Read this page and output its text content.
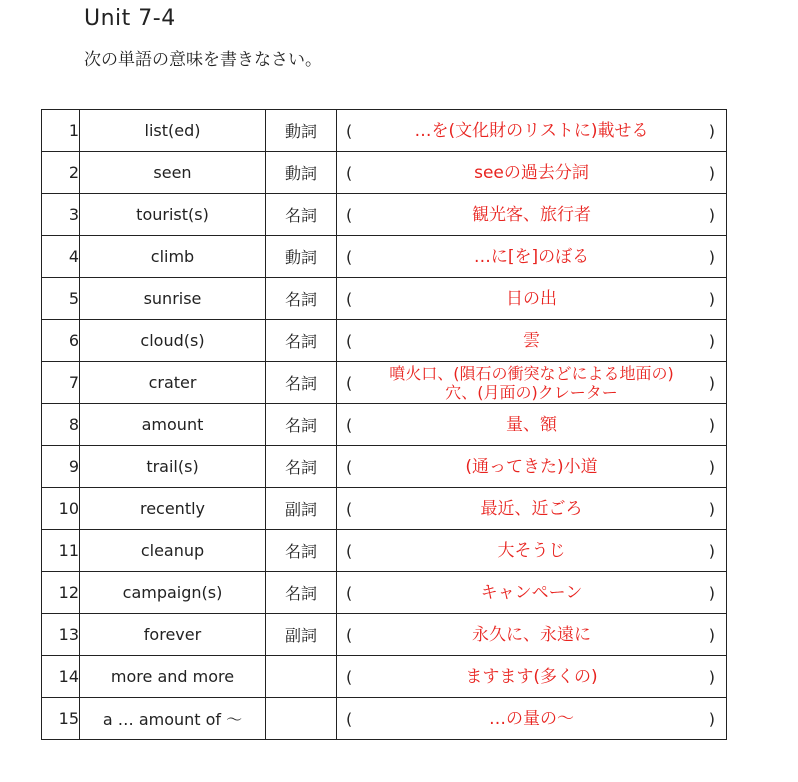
Unit 7-4
次の単語の意味を書きなさい。
1	list(ed)	動詞	( …を(文化財のリストに)載せる )

2	seen	動詞	( seeの過去分詞 )

3	tourist(s)	名詞	( 観光客、旅行者 )

4	climb	動詞	( …に[を]のぼる )

5	sunrise	名詞	( 日の出 )

6	cloud(s)	名詞	( 雲 )

7	crater	名詞	( 噴火口、(隕石の衝突などによる地面の)穴、(月面の)クレーター )

8	amount	名詞	( 量、額 )

9	trail(s)	名詞	( (通ってきた)小道 )

10	recently	副詞	( 最近、近ごろ )

11	cleanup	名詞	( 大そうじ )

12	campaign(s)	名詞	( キャンペーン )

13	forever	副詞	( 永久に、永遠に )

14	more and more		( ますます(多くの) )

15	a … amount of ～		( …の量の～ )
